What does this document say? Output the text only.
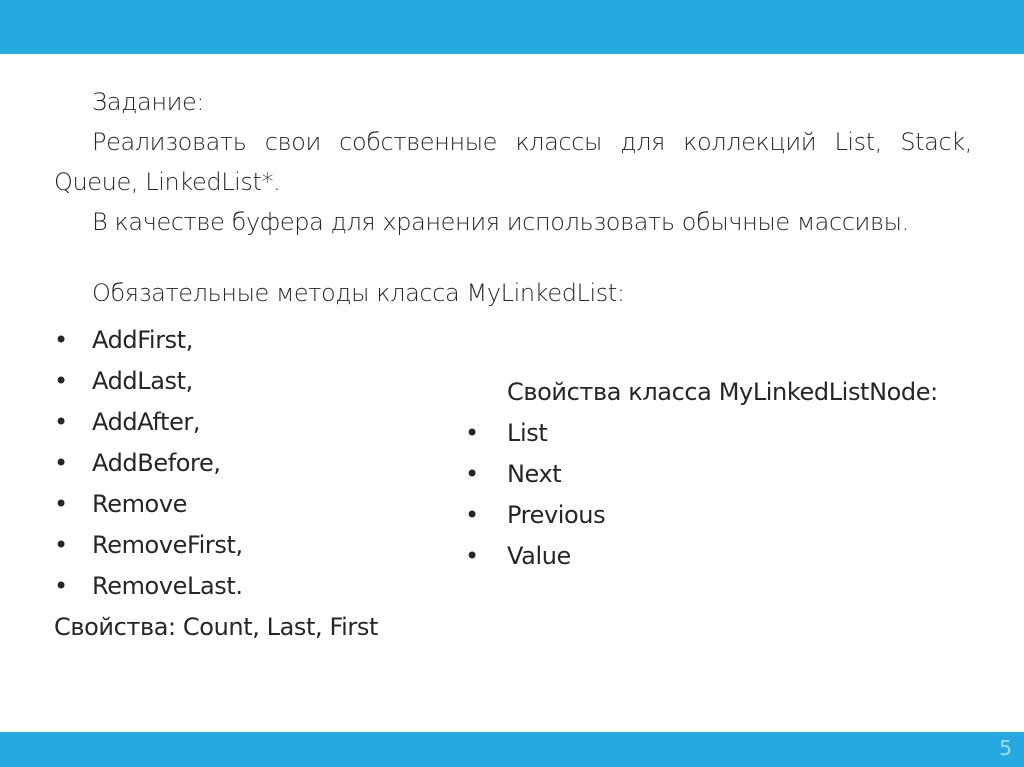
Задание:

Реализовать свои собственные классы для коллекций List, Stack, Queue, LinkedList*.

В качестве буфера для хранения использовать обычные массивы.

Обязательные методы класса MyLinkedList:

•	AddFirst,
•	AddLast,
•	AddAfter,
•	AddBefore,
•	Remove
•	RemoveFirst,
•	RemoveLast.
Свойства: Count, Last, First
Свойства класса MyLinkedListNode:
•	List
•	Next
•	Previous
•	Value
5
